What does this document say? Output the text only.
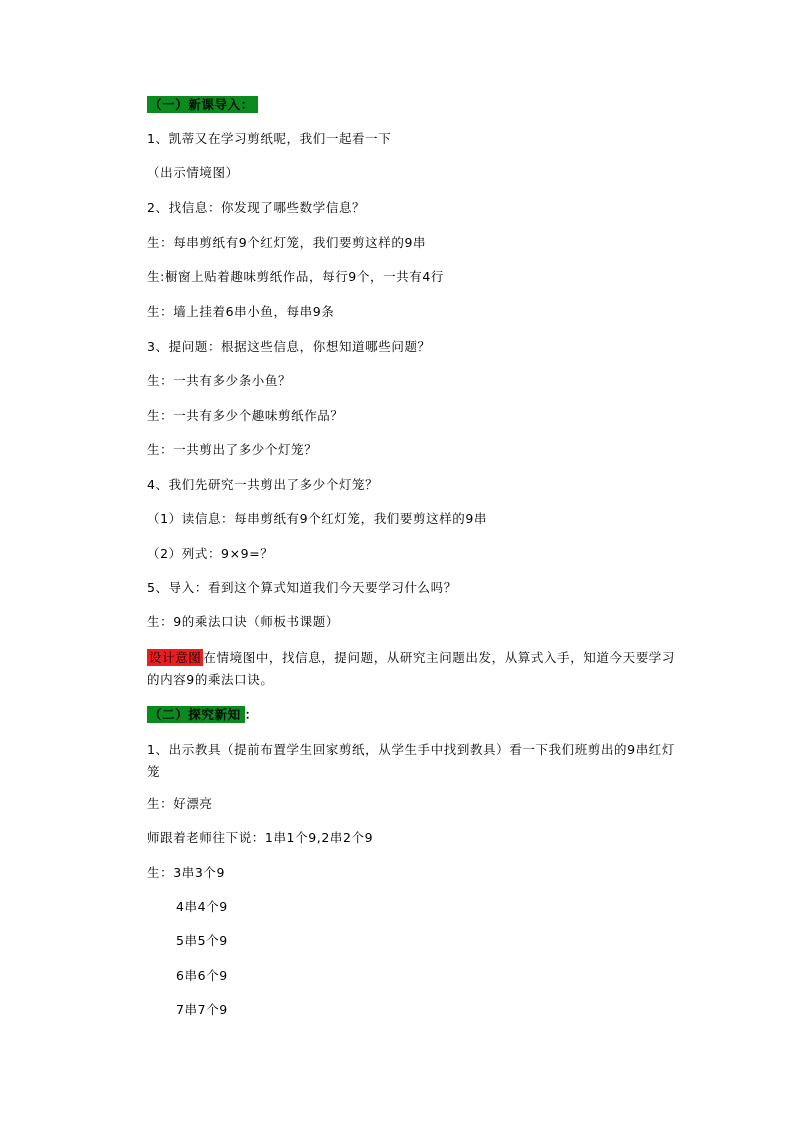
（一）新课导入：
1、凯蒂又在学习剪纸呢，我们一起看一下
（出示情境图）
2、找信息：你发现了哪些数学信息？
生：每串剪纸有9个红灯笼，我们要剪这样的9串
生:橱窗上贴着趣味剪纸作品，每行9个，一共有4行
生：墙上挂着6串小鱼，每串9条
3、提问题：根据这些信息，你想知道哪些问题？
生：一共有多少条小鱼？
生：一共有多少个趣味剪纸作品？
生：一共剪出了多少个灯笼？
4、我们先研究一共剪出了多少个灯笼？
（1）读信息：每串剪纸有9个红灯笼，我们要剪这样的9串
（2）列式：9×9=？
5、导入：看到这个算式知道我们今天要学习什么吗？
生：9的乘法口诀（师板书课题）
设计意图 在情境图中，找信息，提问题，从研究主问题出发，从算式入手，知道今天要学习的内容9的乘法口诀。
（二）探究新知 ：
1、出示教具（提前布置学生回家剪纸，从学生手中找到教具）看一下我们班剪出的9串红灯笼
生：好漂亮
师跟着老师往下说：1串1个9,2串2个9
生：3串3个9
4串4个9
5串5个9
6串6个9
7串7个9
